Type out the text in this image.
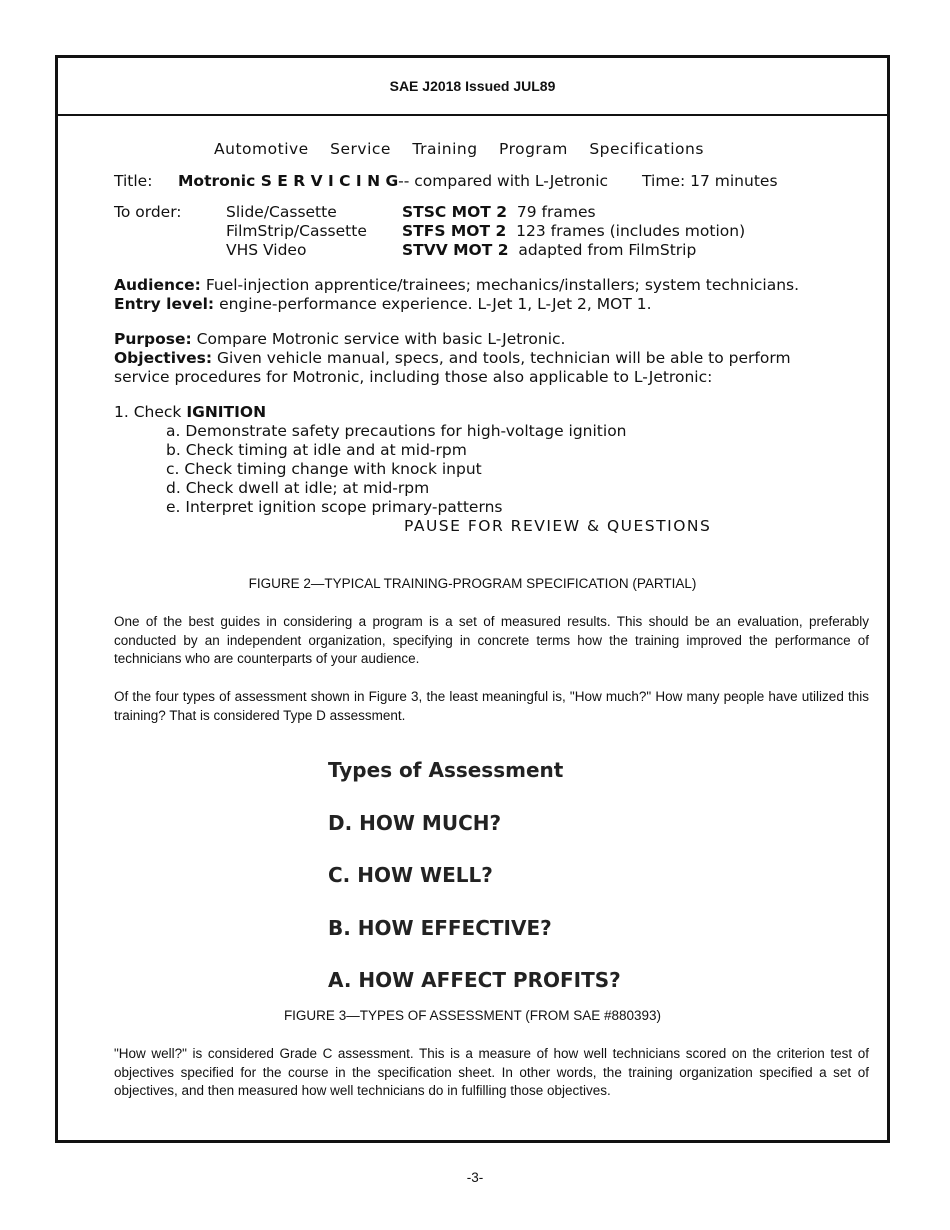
SAE J2018 Issued JUL89
Automotive Service Training Program Specifications
Title:	Motronic S E R V I C I N G -- compared with L-Jetronic Time: 17 minutes
To order:	Slide/Cassette	STSC MOT 2 79 frames
FilmStrip/Cassette	STFS MOT 2 123 frames (includes motion)
VHS Video	STVV MOT 2 adapted from FilmStrip
Audience: Fuel-injection apprentice/trainees; mechanics/installers; system technicians.
Entry level: engine-performance experience. L-Jet 1, L-Jet 2, MOT 1.
Purpose: Compare Motronic service with basic L-Jetronic.
Objectives: Given vehicle manual, specs, and tools, technician will be able to perform
service procedures for Motronic, including those also applicable to L-Jetronic:
1. Check IGNITION
a. Demonstrate safety precautions for high-voltage ignition
b. Check timing at idle and at mid-rpm
c. Check timing change with knock input
d. Check dwell at idle; at mid-rpm
e. Interpret ignition scope primary-patterns
PAUSE FOR REVIEW & QUESTIONS
FIGURE 2—TYPICAL TRAINING-PROGRAM SPECIFICATION (PARTIAL)
One of the best guides in considering a program is a set of measured results. This should be an evaluation, preferably conducted by an independent organization, specifying in concrete terms how the training improved the performance of technicians who are counterparts of your audience.
Of the four types of assessment shown in Figure 3, the least meaningful is, "How much?" How many people have utilized this training? That is considered Type D assessment.
Types of Assessment
D. HOW MUCH?
C. HOW WELL?
B. HOW EFFECTIVE?
A. HOW AFFECT PROFITS?
FIGURE 3—TYPES OF ASSESSMENT (FROM SAE #880393)
"How well?" is considered Grade C assessment. This is a measure of how well technicians scored on the criterion test of objectives specified for the course in the specification sheet. In other words, the training organization specified a set of objectives, and then measured how well technicians do in fulfilling those objectives.
-3-
